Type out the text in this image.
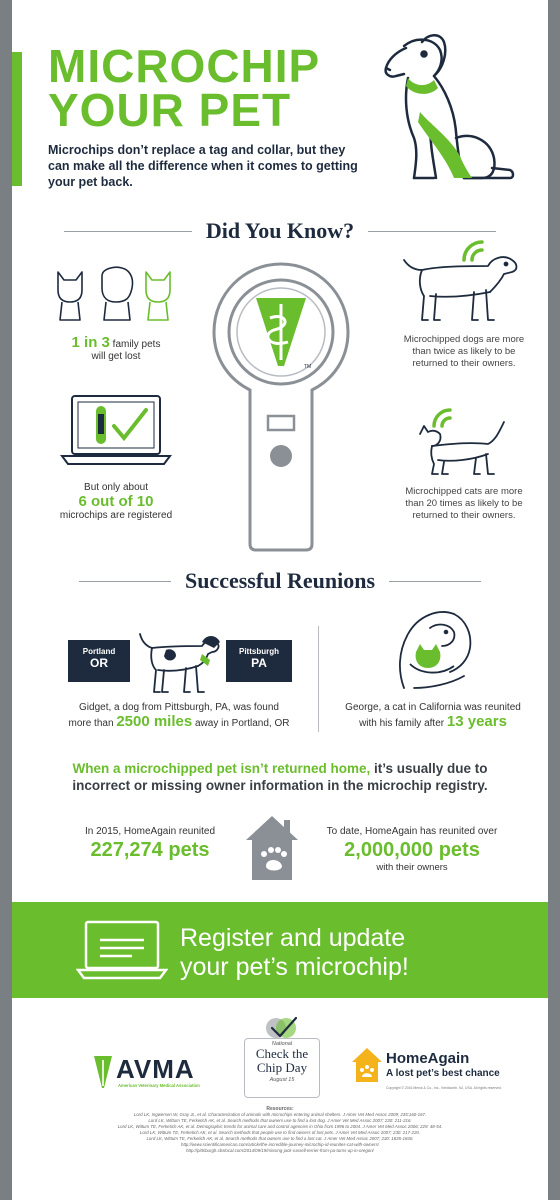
MICROCHIP
YOUR PET
Microchips don’t replace a tag and collar, but they can make all the difference when it comes to getting your pet back.
Did You Know?
1 in 3 family pets
will get lost
But only about
6 out of 10
microchips are registered
TM
Microchipped dogs are more than twice as likely to be returned to their owners.
Microchipped cats are more than 20 times as likely to be returned to their owners.
Successful Reunions
Portland
OR
Pittsburgh
PA
Gidget, a dog from Pittsburgh, PA, was found
more than 2500 miles away in Portland, OR
George, a cat in California was reunited
with his family after 13 years
When a microchipped pet isn’t returned home, it’s usually due to incorrect or missing owner information in the microchip registry.
In 2015, HomeAgain reunited
227,274 pets
To date, HomeAgain has reunited over
2,000,000 pets
with their owners
Register and update
your pet’s microchip!
AVMA
American Veterinary Medical Association
National
Check the
Chip Day
August 15
HomeAgain
A lost pet’s best chance
Copyright © 2016 Merck & Co., Inc., Kenilworth, NJ, USA. All rights reserved.
Resources:
Lord LK, Ingwersen W, Gray JL, et al. Characterization of animals with microchips entering animal shelters. J Amer Vet Med Assoc 2009; 235:160-167.
Lord LK, Wittum TE, Ferketich AK, et al. Search methods that owners use to find a lost dog. J Amer Vet Med Assoc 2007; 230: 211-216.
Lord LK, Wittum TE, Ferketich AK, et al. Demographic trends for animal care and control agencies in Ohio from 1996 to 2004. J Amer Vet Med Assoc 2006; 229: 48-54.
Lord LK, Wittum TE, Ferketich AK, et al. Search methods that people use to find owners of lost pets. J Amer Vet Med Assoc 2007; 230: 217-220.
Lord LK, Wittum TE, Ferketich AK, et al. Search methods that owners use to find a lost cat. J Amer Vet Med Assoc 2007; 230: 1835-1840.
http://www.scientificamerican.com/article/the-incredible-journey-microchip-id-reunites-cat-with-owners/
http://pittsburgh.cbslocal.com/2014/09/19/missing-jack-russell-terrier-from-pa-turns-up-in-oregon/
